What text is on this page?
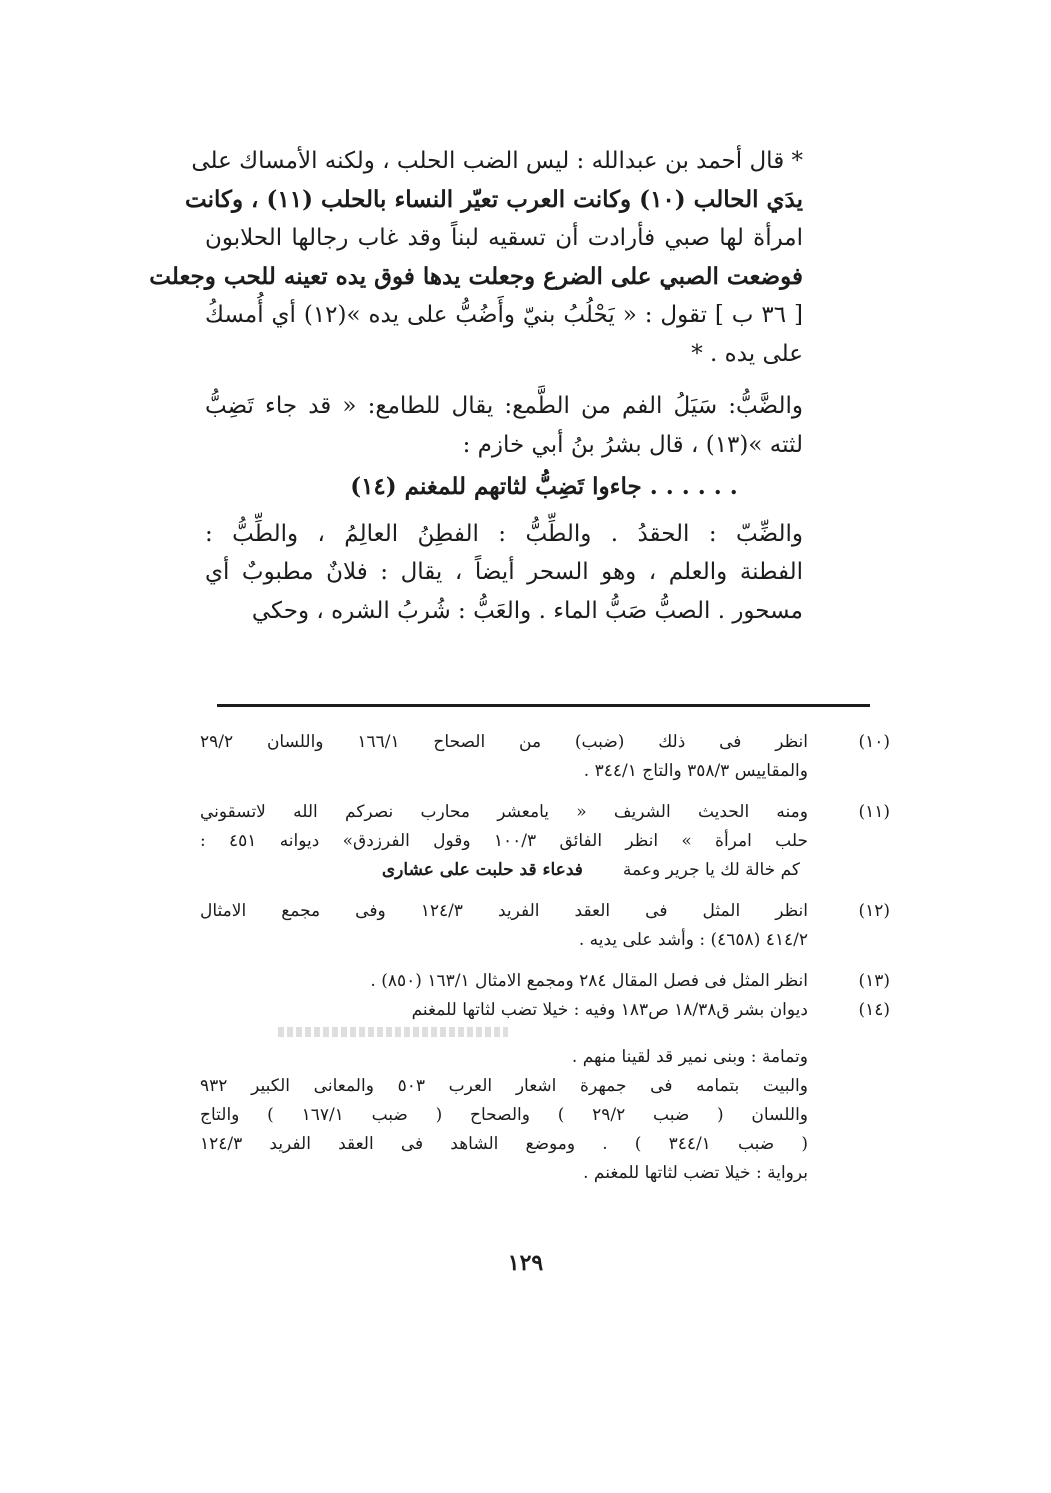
* قال أحمد بن عبدالله : ليس الضب الحلب ، ولكنه الأمساك على
يدَي الحالب (١٠) وكانت العرب تعيّر النساء بالحلب (١١) ، وكانت
امرأة لها صبي فأرادت أن تسقيه لبناً وقد غاب رجالها الحلابون
فوضعت الصبي على الضرع وجعلت يدها فوق يده تعينه للحب وجعلت
[ ٣٦ ب ] تقول : « يَحْلُبُ بنيّ وأَضُبُّ على يده »(١٢) أي أُمسكُ
على يده . *
والضَّبُّ: سَيَلُ الفم من الطَّمع: يقال للطامع: « قد جاء تَضِبُّ
لثته »(١٣) ، قال بشرُ بنُ أبي خازم :
. . . . . . جاءوا تَضِبُّ لثاتهم للمغنم (١٤)
والضِّبّ : الحقدُ . والطِّبُّ : الفطِنُ العالِمُ ، والطِّبُّ :
الفطنة والعلم ، وهو السحر أيضاً ، يقال : فلانٌ مطبوبٌ أي
مسحور . الصبُّ صَبُّ الماء . والعَبُّ : شُربُ الشره ، وحكي
(١٠)
انظر فى ذلك (ضبب) من الصحاح ١٦٦/١ واللسان ٢٩/٢
والمقاييس ٣٥٨/٣ والتاج ٣٤٤/١ .
(١١)
ومنه الحديث الشريف « يامعشر محارب نصركم الله لاتسقوني
حلب امرأة » انظر الفائق ١٠٠/٣ وقول الفرزدق» ديوانه ٤٥١ :
كم خالة لك يا جرير وعمة
فدعاء قد حلبت على عشارى
(١٢)
انظر المثل فى العقد الفريد ١٢٤/٣ وفى مجمع الامثال
٤١٤/٢ (٤٦٥٨) : وأشد على يديه .
(١٣)
انظر المثل فى فصل المقال ٢٨٤ ومجمع الامثال ١٦٣/١ (٨٥٠) .
(١٤)
ديوان بشر ق١٨/٣٨ ص١٨٣ وفيه : خيلا تضب لثاتها للمغنم
وتمامة : وبنى نمير قد لقينا منهم .
والبيت بتمامه فى جمهرة اشعار العرب ٥٠٣ والمعانى الكبير ٩٣٢
واللسان ( ضبب ٢٩/٢ ) والصحاح ( ضبب ١٦٧/١ ) والتاج
( ضبب ٣٤٤/١ ) . وموضع الشاهد فى العقد الفريد ١٢٤/٣
برواية : خيلا تضب لثاتها للمغنم .
١٢٩
